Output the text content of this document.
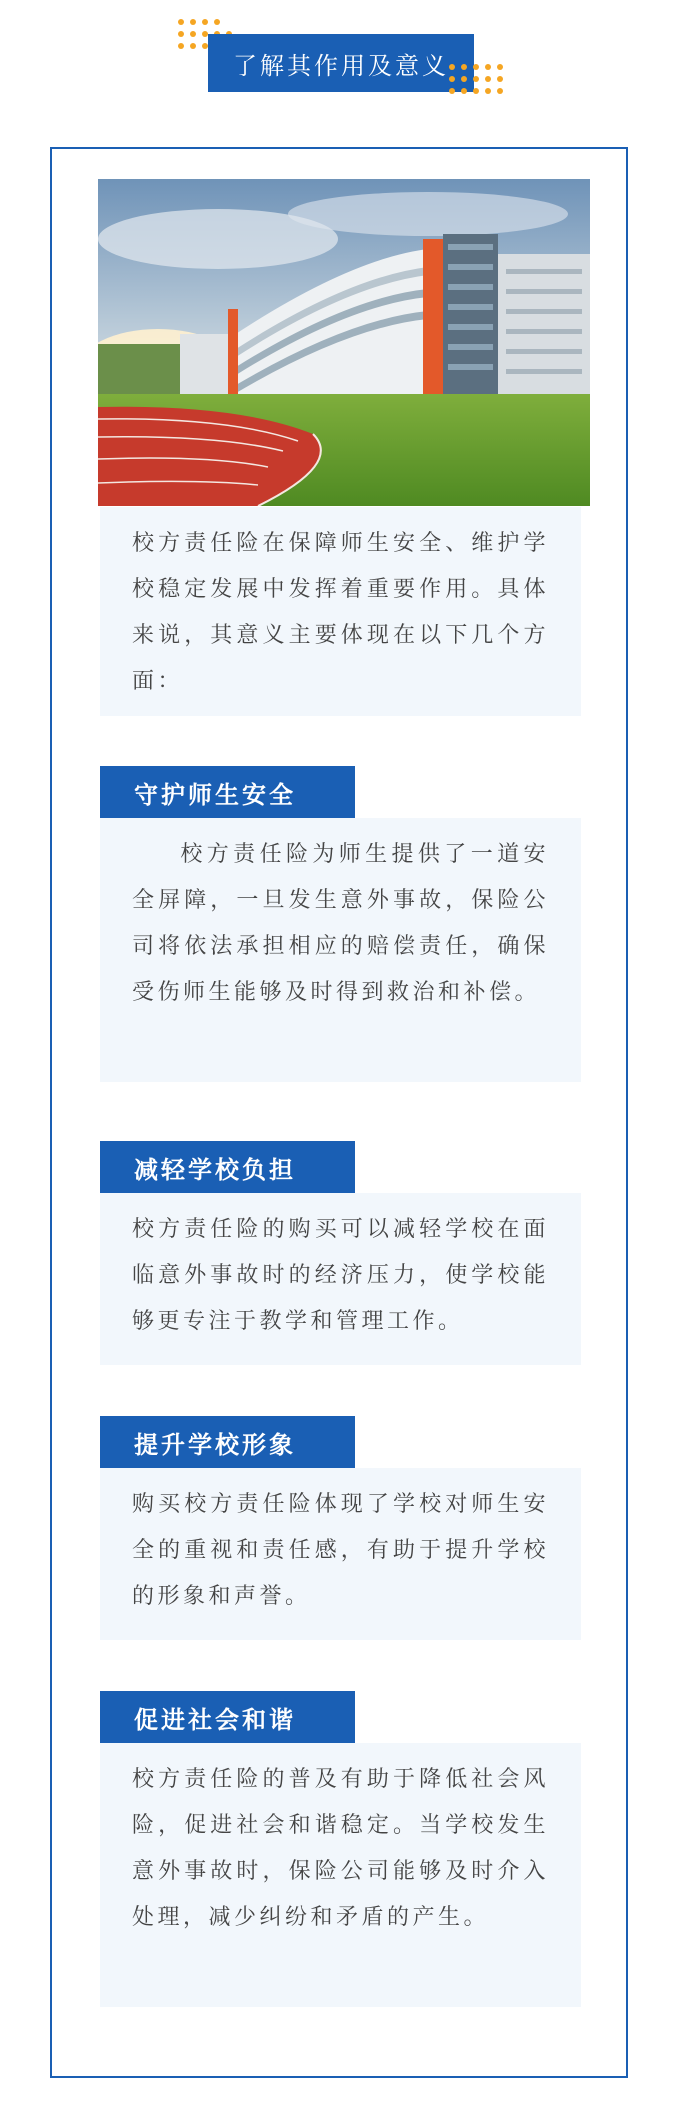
了解其作用及意义

校方责任险在保障师生安全、维护学校稳定发展中发挥着重要作用。具体来说，其意义主要体现在以下几个方面：

守护师生安全

校方责任险为师生提供了一道安全屏障，一旦发生意外事故，保险公司将依法承担相应的赔偿责任，确保受伤师生能够及时得到救治和补偿。

减轻学校负担

校方责任险的购买可以减轻学校在面临意外事故时的经济压力，使学校能够更专注于教学和管理工作。

提升学校形象

购买校方责任险体现了学校对师生安全的重视和责任感，有助于提升学校的形象和声誉。

促进社会和谐

校方责任险的普及有助于降低社会风险，促进社会和谐稳定。当学校发生意外事故时，保险公司能够及时介入处理，减少纠纷和矛盾的产生。
